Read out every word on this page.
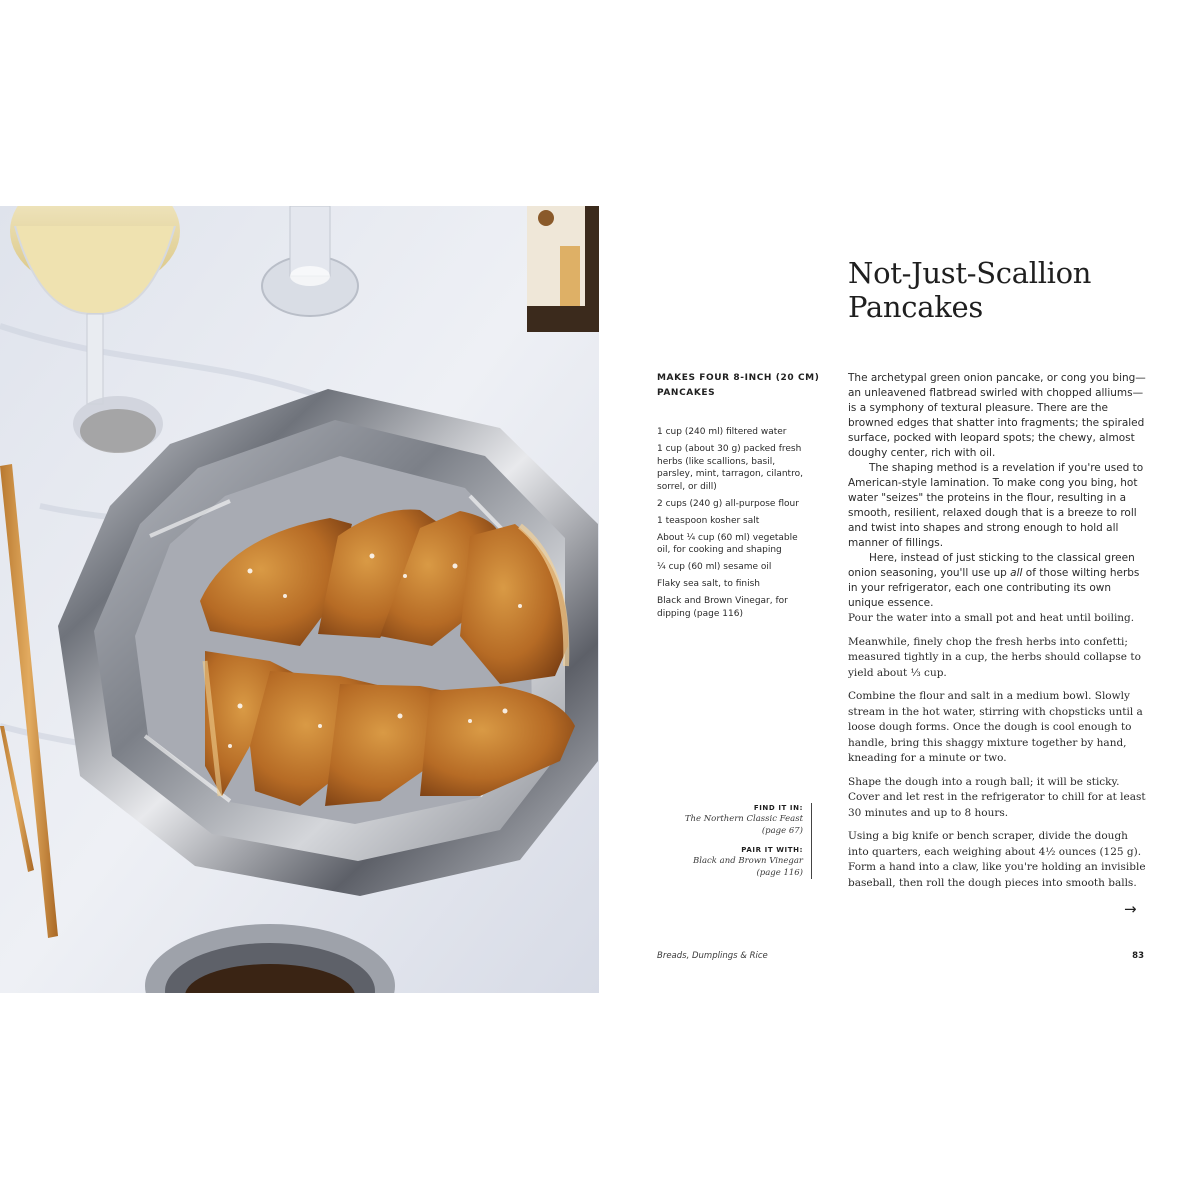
Not-Just-Scallion
Pancakes

MAKES FOUR 8-INCH (20 CM)
PANCAKES

1 cup (240 ml) filtered water
1 cup (about 30 g) packed fresh herbs (like scallions, basil, parsley, mint, tarragon, cilantro, sorrel, or dill)
2 cups (240 g) all-purpose flour
1 teaspoon kosher salt
About ¼ cup (60 ml) vegetable oil, for cooking and shaping
¼ cup (60 ml) sesame oil
Flaky sea salt, to finish
Black and Brown Vinegar, for dipping (page 116)

The archetypal green onion pancake, or cong you bing—an unleavened flatbread swirled with chopped alliums—is a symphony of textural pleasure. There are the browned edges that shatter into fragments; the spiraled surface, pocked with leopard spots; the chewy, almost doughy center, rich with oil.

The shaping method is a revelation if you're used to American-style lamination. To make cong you bing, hot water "seizes" the proteins in the flour, resulting in a smooth, resilient, relaxed dough that is a breeze to roll and twist into shapes and strong enough to hold all manner of fillings.

Here, instead of just sticking to the classical green onion seasoning, you'll use up all of those wilting herbs in your refrigerator, each one contributing its own unique essence.

Pour the water into a small pot and heat until boiling.
Meanwhile, finely chop the fresh herbs into confetti; measured tightly in a cup, the herbs should collapse to yield about ⅓ cup.
Combine the flour and salt in a medium bowl. Slowly stream in the hot water, stirring with chopsticks until a loose dough forms. Once the dough is cool enough to handle, bring this shaggy mixture together by hand, kneading for a minute or two.
Shape the dough into a rough ball; it will be sticky. Cover and let rest in the refrigerator to chill for at least 30 minutes and up to 8 hours.
Using a big knife or bench scraper, divide the dough into quarters, each weighing about 4½ ounces (125 g). Form a hand into a claw, like you're holding an invisible baseball, then roll the dough pieces into smooth balls.
FIND IT IN:
The Northern Classic Feast
(page 67)
PAIR IT WITH:
Black and Brown Vinegar
(page 116)
→
Breads, Dumplings & Rice	83
